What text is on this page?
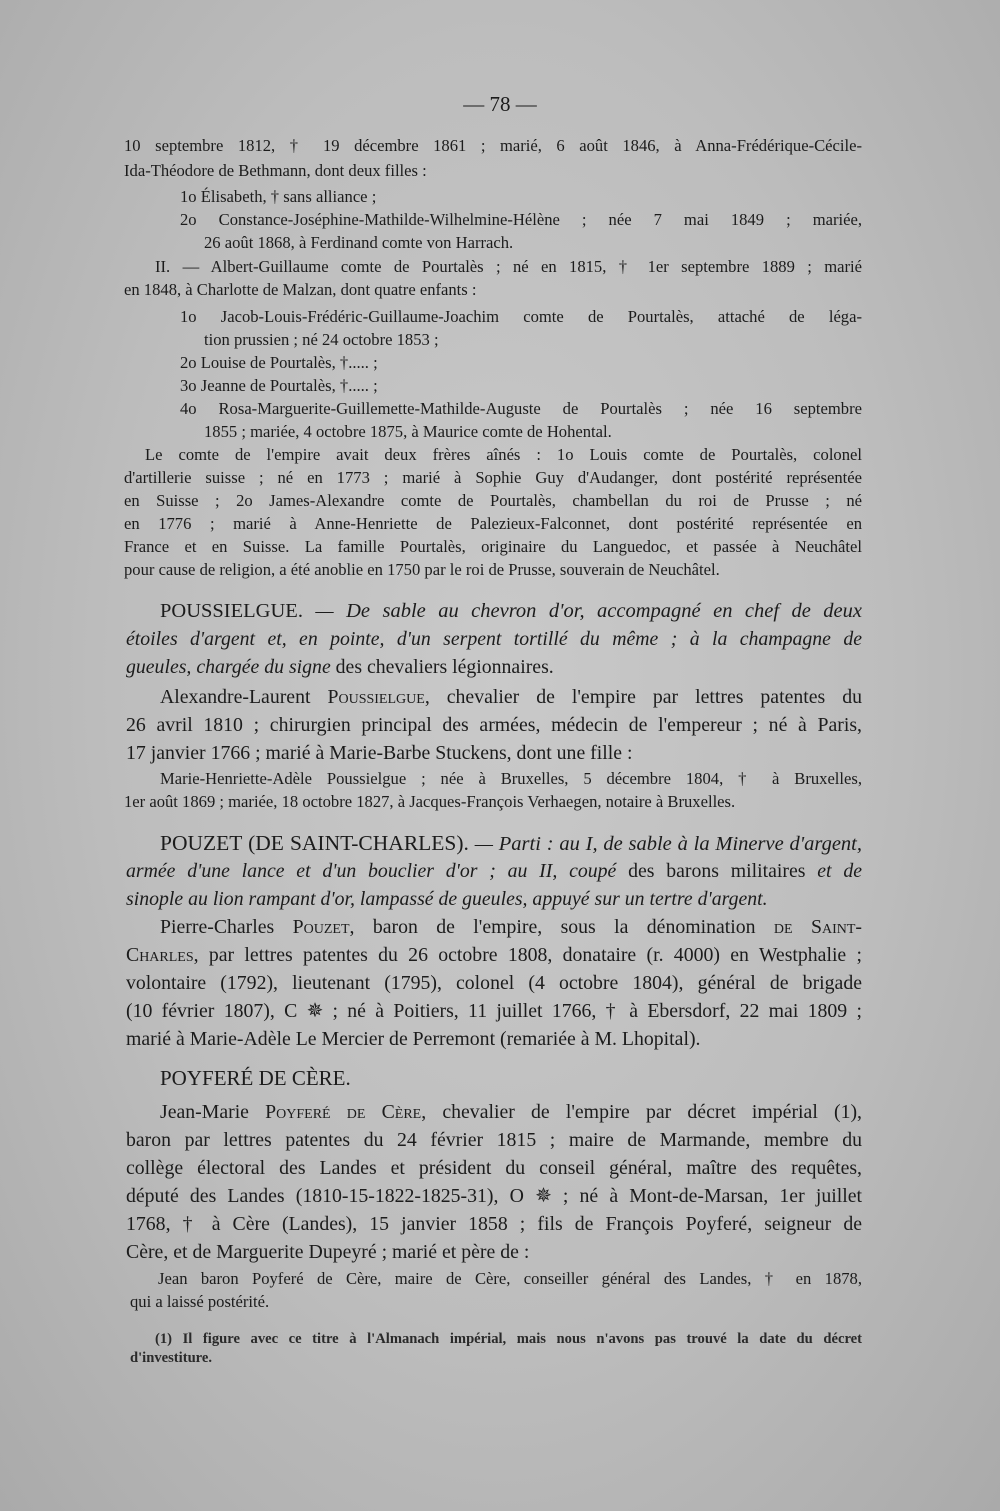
— 78 —

10 septembre 1812, † 19 décembre 1861 ; marié, 6 août 1846, à Anna-Frédérique-Cécile-

Ida-Théodore de Bethmann, dont deux filles :

1o Élisabeth, † sans alliance ;

2o Constance-Joséphine-Mathilde-Wilhelmine-Hélène ; née 7 mai 1849 ; mariée,

26 août 1868, à Ferdinand comte von Harrach.

II. — Albert-Guillaume comte de Pourtalès ; né en 1815, † 1er septembre 1889 ; marié

en 1848, à Charlotte de Malzan, dont quatre enfants :

1o Jacob-Louis-Frédéric-Guillaume-Joachim comte de Pourtalès, attaché de léga-

tion prussien ; né 24 octobre 1853 ;

2o Louise de Pourtalès, †..... ;

3o Jeanne de Pourtalès, †..... ;

4o Rosa-Marguerite-Guillemette-Mathilde-Auguste de Pourtalès ; née 16 septembre

1855 ; mariée, 4 octobre 1875, à Maurice comte de Hohental.

Le comte de l'empire avait deux frères aînés : 1o Louis comte de Pourtalès, colonel

d'artillerie suisse ; né en 1773 ; marié à Sophie Guy d'Audanger, dont postérité représentée

en Suisse ; 2o James-Alexandre comte de Pourtalès, chambellan du roi de Prusse ; né

en 1776 ; marié à Anne-Henriette de Palezieux-Falconnet, dont postérité représentée en

France et en Suisse. La famille Pourtalès, originaire du Languedoc, et passée à Neuchâtel

pour cause de religion, a été anoblie en 1750 par le roi de Prusse, souverain de Neuchâtel.

POUSSIELGUE. — De sable au chevron d'or, accompagné en chef de deux

étoiles d'argent et, en pointe, d'un serpent tortillé du même ; à la champagne de

gueules, chargée du signe des chevaliers légionnaires.

Alexandre-Laurent Poussielgue, chevalier de l'empire par lettres patentes du

26 avril 1810 ; chirurgien principal des armées, médecin de l'empereur ; né à Paris,

17 janvier 1766 ; marié à Marie-Barbe Stuckens, dont une fille :

Marie-Henriette-Adèle Poussielgue ; née à Bruxelles, 5 décembre 1804, † à Bruxelles,

1er août 1869 ; mariée, 18 octobre 1827, à Jacques-François Verhaegen, notaire à Bruxelles.

POUZET (DE SAINT-CHARLES). — Parti : au I, de sable à la Minerve d'argent,

armée d'une lance et d'un bouclier d'or ; au II, coupé des barons militaires et de

sinople au lion rampant d'or, lampassé de gueules, appuyé sur un tertre d'argent.

Pierre-Charles Pouzet, baron de l'empire, sous la dénomination de Saint-

Charles, par lettres patentes du 26 octobre 1808, donataire (r. 4000) en Westphalie ;

volontaire (1792), lieutenant (1795), colonel (4 octobre 1804), général de brigade

(10 février 1807), C ✵ ; né à Poitiers, 11 juillet 1766, † à Ebersdorf, 22 mai 1809 ;

marié à Marie-Adèle Le Mercier de Perremont (remariée à M. Lhopital).

POYFERÉ DE CÈRE.

Jean-Marie Poyferé de Cère, chevalier de l'empire par décret impérial (1),

baron par lettres patentes du 24 février 1815 ; maire de Marmande, membre du

collège électoral des Landes et président du conseil général, maître des requêtes,

député des Landes (1810-15-1822-1825-31), O ✵ ; né à Mont-de-Marsan, 1er juillet

1768, † à Cère (Landes), 15 janvier 1858 ; fils de François Poyferé, seigneur de

Cère, et de Marguerite Dupeyré ; marié et père de :

Jean baron Poyferé de Cère, maire de Cère, conseiller général des Landes, † en 1878,

qui a laissé postérité.

(1) Il figure avec ce titre à l'Almanach impérial, mais nous n'avons pas trouvé la date du décret

d'investiture.
